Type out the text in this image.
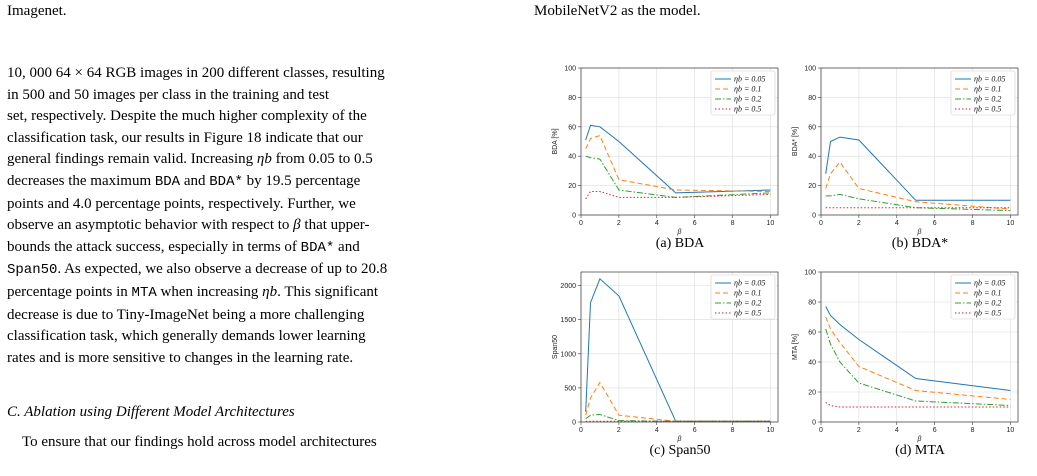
Imagenet.	MobileNetV2 as the model.

10, 000 64 × 64 RGB images in 200 different classes, resulting

in 500 and 50 images per class in the training and test

set, respectively. Despite the much higher complexity of the

classification task, our results in Figure 18 indicate that our

general findings remain valid. Increasing ηb from 0.05 to 0.5

decreases the maximum BDA and BDA* by 19.5 percentage

points and 4.0 percentage points, respectively. Further, we

observe an asymptotic behavior with respect to β that upper-

bounds the attack success, especially in terms of BDA* and

Span50. As expected, we also observe a decrease of up to 20.8

percentage points in MTA when increasing ηb. This significant

decrease is due to Tiny-ImageNet being a more challenging

classification task, which generally demands lower learning

rates and is more sensitive to changes in the learning rate.

C. Ablation using Different Model Architectures
To ensure that our findings hold across model architectures
0	2	4	6	8	10
0
20
40
60
80
100
β
BDA [%]
ηb = 0.05
ηb = 0.1
ηb = 0.2
ηb = 0.5
(a) BDA
0	2	4	6	8	10
0
20
40
60
80
100
β
BDA* [%]
ηb = 0.05
ηb = 0.1
ηb = 0.2
ηb = 0.5
(b) BDA*
0	2	4	6	8	10
0
500
1000
1500
2000
β
Span50
ηb = 0.05
ηb = 0.1
ηb = 0.2
ηb = 0.5
(c) Span50
0	2	4	6	8	10
0
20
40
60
80
100
β
MTA [%]
ηb = 0.05
ηb = 0.1
ηb = 0.2
ηb = 0.5
(d) MTA
